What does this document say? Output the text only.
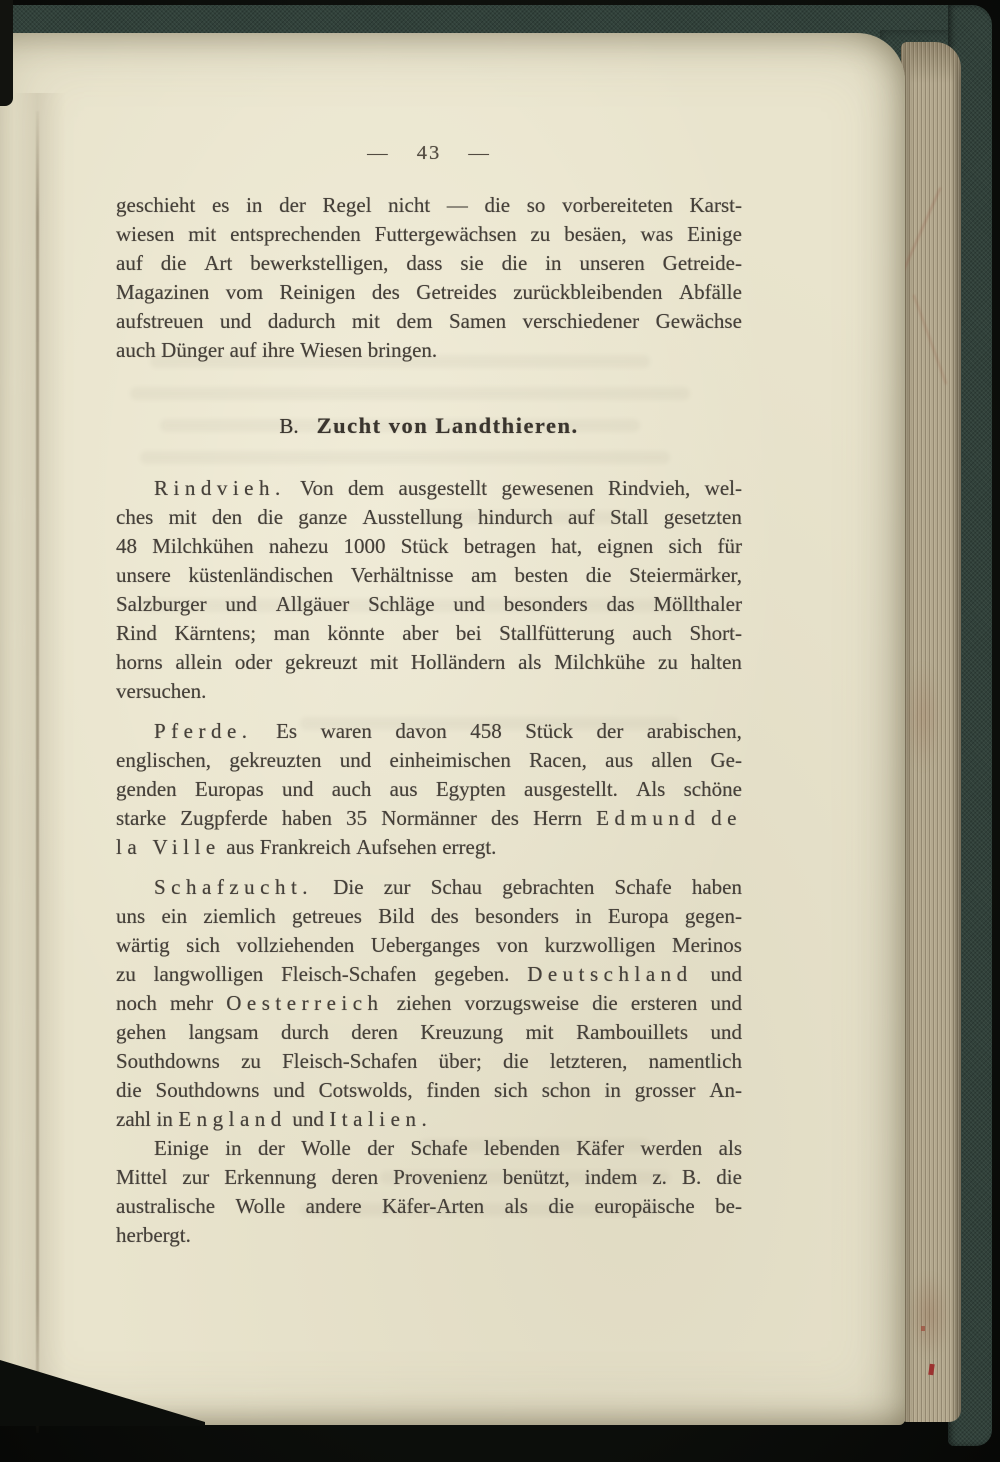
— 43 —
geschieht es in der Regel nicht — die so vorbereiteten Karst-
wiesen mit entsprechenden Futtergewächsen zu besäen, was Einige
auf die Art bewerkstelligen, dass sie die in unseren Getreide-
Magazinen vom Reinigen des Getreides zurückbleibenden Abfälle
aufstreuen und dadurch mit dem Samen verschiedener Gewächse
auch Dünger auf ihre Wiesen bringen.
B. Zucht von Landthieren.
Rindvieh. Von dem ausgestellt gewesenen Rindvieh, wel-
ches mit den die ganze Ausstellung hindurch auf Stall gesetzten
48 Milchkühen nahezu 1000 Stück betragen hat, eignen sich für
unsere küstenländischen Verhältnisse am besten die Steiermärker,
Salzburger und Allgäuer Schläge und besonders das Möllthaler
Rind Kärntens; man könnte aber bei Stallfütterung auch Short-
horns allein oder gekreuzt mit Holländern als Milchkühe zu halten
versuchen.
Pferde. Es waren davon 458 Stück der arabischen,
englischen, gekreuzten und einheimischen Racen, aus allen Ge-
genden Europas und auch aus Egypten ausgestellt. Als schöne
starke Zugpferde haben 35 Normänner des Herrn Edmund de
la Ville aus Frankreich Aufsehen erregt.
Schafzucht. Die zur Schau gebrachten Schafe haben
uns ein ziemlich getreues Bild des besonders in Europa gegen-
wärtig sich vollziehenden Ueberganges von kurzwolligen Merinos
zu langwolligen Fleisch-Schafen gegeben. Deutschland und
noch mehr Oesterreich ziehen vorzugsweise die ersteren und
gehen langsam durch deren Kreuzung mit Rambouillets und
Southdowns zu Fleisch-Schafen über; die letzteren, namentlich
die Southdowns und Cotswolds, finden sich schon in grosser An-
zahl in England und Italien.
Einige in der Wolle der Schafe lebenden Käfer werden als
Mittel zur Erkennung deren Provenienz benützt, indem z. B. die
australische Wolle andere Käfer-Arten als die europäische be-
herbergt.
